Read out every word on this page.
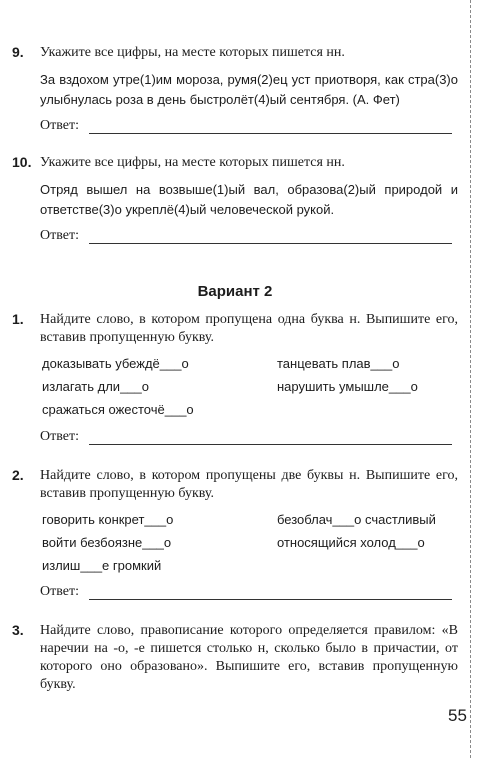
9. Укажите все цифры, на месте которых пишется нн.
За вздохом утре(1)им мороза, румя(2)ец уст приотворя, как стра(3)о улыбнулась роза в день быстролёт(4)ый сентября. (А. Фет)
Ответ:
10. Укажите все цифры, на месте которых пишется нн.
Отряд вышел на возвыше(1)ый вал, образова(2)ый природой и ответстве(3)о укреплё(4)ый человеческой рукой.
Ответ:
Вариант 2
1. Найдите слово, в котором пропущена одна буква н. Выпишите его, вставив пропущенную букву.
доказывать убеждё___о	танцевать плав___о
излагать дли___о	нарушить умышле___о
сражаться ожесточё___о
Ответ:
2. Найдите слово, в котором пропущены две буквы н. Выпишите его, вставив пропущенную букву.
говорить конкрет___о	безоблач___о счастливый
войти безбоязне___о	относящийся холод___о
излиш___е громкий
Ответ:
3. Найдите слово, правописание которого определяется правилом: «В наречии на -о, -е пишется столько н, сколько было в причастии, от которого оно образовано». Выпишите его, вставив пропущенную букву.
55
